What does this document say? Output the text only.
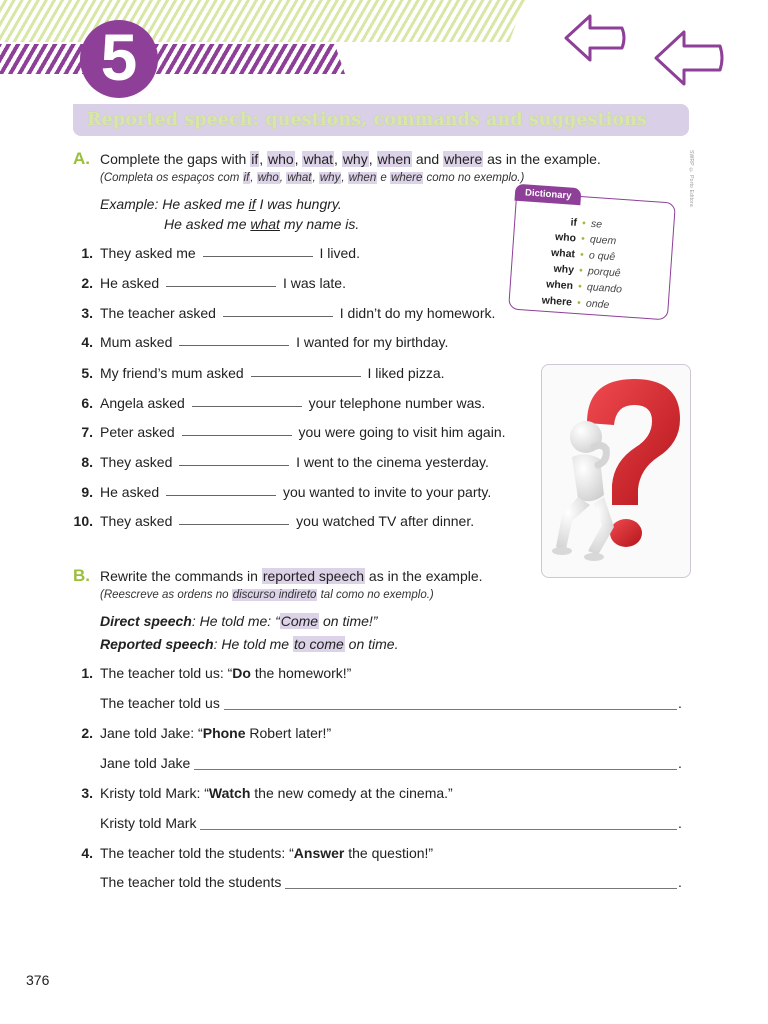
5
Reported speech: questions, commands and suggestions
SWRP © Porto Editora
A. Complete the gaps with if, who, what, why, when and where as in the example.
(Completa os espaços com if, who, what, why, when e where como no exemplo.)
Example: He asked me if I was hungry.
He asked me what my name is.
1. They asked me	I lived.
2. He asked	I was late.
3. The teacher asked	I didn’t do my homework.
4. Mum asked	I wanted for my birthday.
5. My friend’s mum asked	I liked pizza.
6. Angela asked	your telephone number was.
7. Peter asked	you were going to visit him again.
8. They asked	I went to the cinema yesterday.
9. He asked	you wanted to invite to your party.
10. They asked	you watched TV after dinner.
Dictionary
if • se
who • quem
what • o quê
why • porquê
when • quando
where • onde
B. Rewrite the commands in reported speech as in the example.
(Reescreve as ordens no discurso indireto tal como no exemplo.)
Direct speech: He told me: “Come on time!”
Reported speech: He told me to come on time.
1. The teacher told us: “Do the homework!”
The teacher told us	.
2. Jane told Jake: “Phone Robert later!”
Jane told Jake	.
3. Kristy told Mark: “Watch the new comedy at the cinema.”
Kristy told Mark	.
4. The teacher told the students: “Answer the question!”
The teacher told the students	.
376
